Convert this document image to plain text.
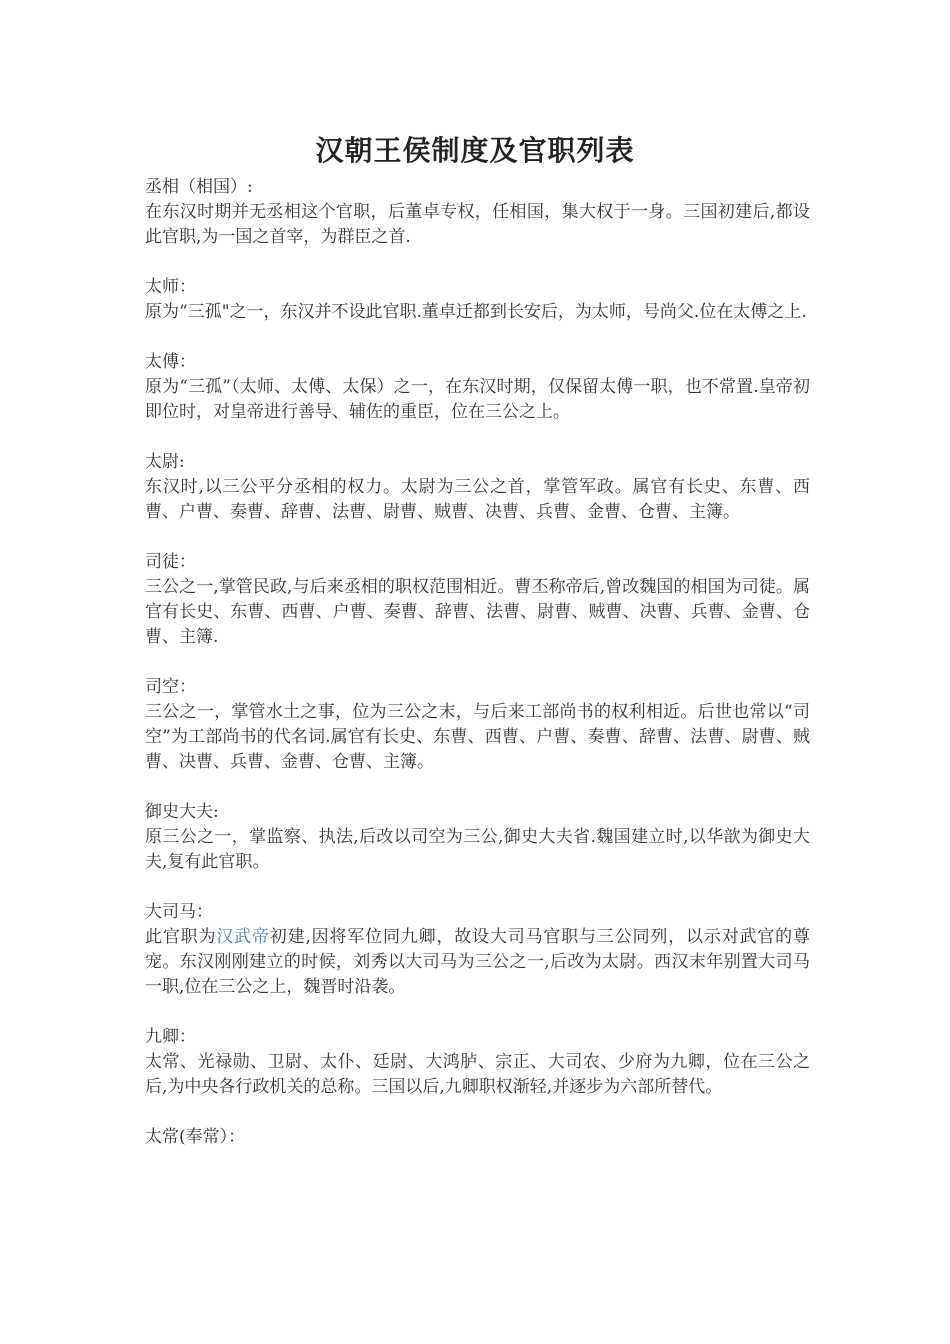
汉朝王侯制度及官职列表
丞相（相国）:
在东汉时期并无丞相这个官职，后董卓专权，任相国，集大权于一身。三国初建后,都设此官职,为一国之首宰，为群臣之首.
太师：
原为“三孤"之一，东汉并不设此官职.董卓迁都到长安后，为太师，号尚父.位在太傅之上.
太傅：
原为“三孤”（太师、太傅、太保）之一，在东汉时期，仅保留太傅一职，也不常置.皇帝初即位时，对皇帝进行善导、辅佐的重臣，位在三公之上。
太尉:
东汉时,以三公平分丞相的权力。太尉为三公之首，掌管军政。属官有长史、东曹、西曹、户曹、奏曹、辞曹、法曹、尉曹、贼曹、决曹、兵曹、金曹、仓曹、主簿。
司徒：
三公之一,掌管民政,与后来丞相的职权范围相近。曹丕称帝后,曾改魏国的相国为司徒。属官有长史、东曹、西曹、户曹、奏曹、辞曹、法曹、尉曹、贼曹、决曹、兵曹、金曹、仓曹、主簿.
司空：
三公之一，掌管水土之事，位为三公之末，与后来工部尚书的权利相近。后世也常以“司空”为工部尚书的代名词.属官有长史、东曹、西曹、户曹、奏曹、辞曹、法曹、尉曹、贼曹、决曹、兵曹、金曹、仓曹、主簿。
御史大夫:
原三公之一，掌监察、执法,后改以司空为三公,御史大夫省.魏国建立时,以华歆为御史大夫,复有此官职。
大司马：
此官职为汉武帝初建,因将军位同九卿，故设大司马官职与三公同列，以示对武官的尊宠。东汉刚刚建立的时候，刘秀以大司马为三公之一,后改为太尉。西汉末年别置大司马一职,位在三公之上，魏晋时沿袭。
九卿：
太常、光禄勋、卫尉、太仆、廷尉、大鸿胪、宗正、大司农、少府为九卿，位在三公之后,为中央各行政机关的总称。三国以后,九卿职权渐轻,并逐步为六部所替代。
太常(奉常）：
